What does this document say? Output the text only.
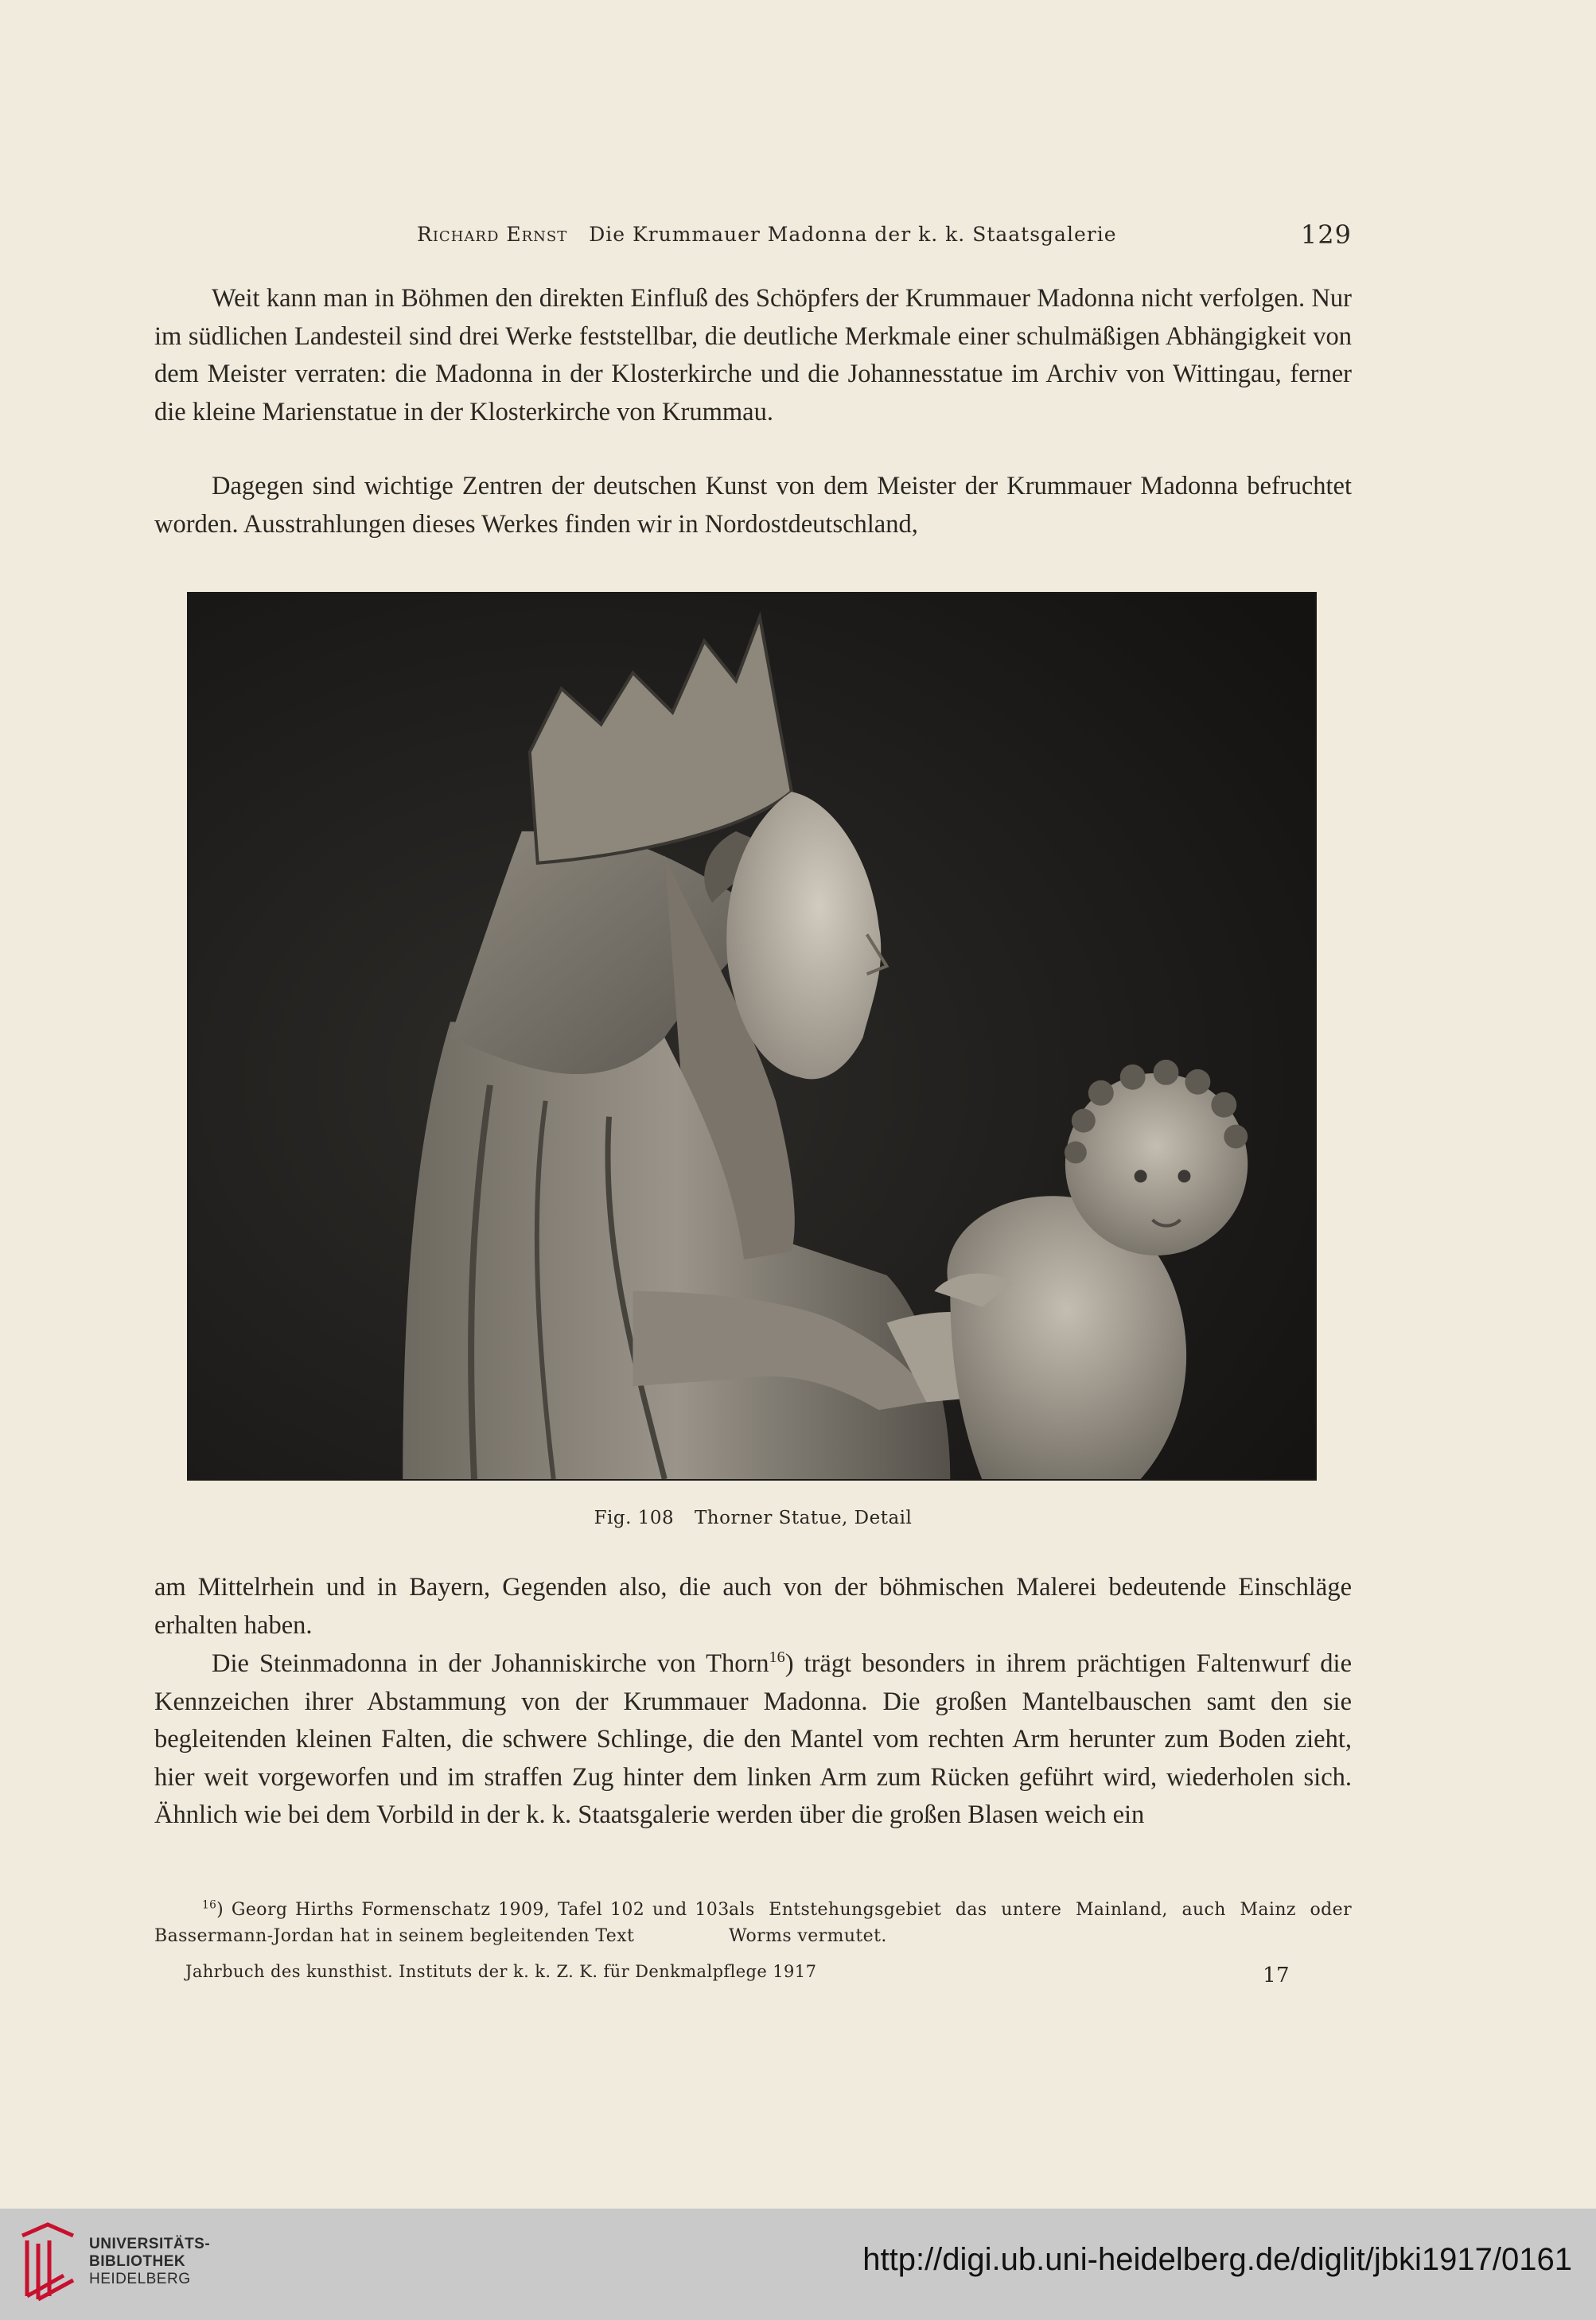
Richard Ernst Die Krummauer Madonna der k. k. Staatsgalerie	129

Weit kann man in Böhmen den direkten Einfluß des Schöpfers der Krummauer Madonna nicht verfolgen. Nur im südlichen Landesteil sind drei Werke feststellbar, die deutliche Merkmale einer schulmäßigen Abhängigkeit von dem Meister verraten: die Madonna in der Klosterkirche und die Johannesstatue im Archiv von Wittingau, ferner die kleine Marienstatue in der Klosterkirche von Krummau.

Dagegen sind wichtige Zentren der deutschen Kunst von dem Meister der Krummauer Madonna befruchtet worden. Ausstrahlungen dieses Werkes finden wir in Nordostdeutschland,

Fig. 108 Thorner Statue, Detail

am Mittelrhein und in Bayern, Gegenden also, die auch von der böhmischen Malerei bedeutende Einschläge erhalten haben.

Die Steinmadonna in der Johanniskirche von Thorn$^{16}$) trägt besonders in ihrem prächtigen Faltenwurf die Kennzeichen ihrer Abstammung von der Krummauer Madonna. Die großen Mantelbauschen samt den sie begleitenden kleinen Falten, die schwere Schlinge, die den Mantel vom rechten Arm herunter zum Boden zieht, hier weit vorgeworfen und im straffen Zug hinter dem linken Arm zum Rücken geführt wird, wiederholen sich. Ähnlich wie bei dem Vorbild in der k. k. Staatsgalerie werden über die großen Blasen weich ein

$^{16}$) Georg Hirths Formenschatz 1909, Tafel 102 und 103. Bassermann-Jordan hat in seinem begleitenden Text
als Entstehungsgebiet das untere Mainland, auch Mainz oder Worms vermutet.
Jahrbuch des kunsthist. Instituts der k. k. Z. K. für Denkmalpflege 1917	17
UNIVERSITÄTS-
BIBLIOTHEK
HEIDELBERG
http://digi.ub.uni-heidelberg.de/diglit/jbki1917/0161
